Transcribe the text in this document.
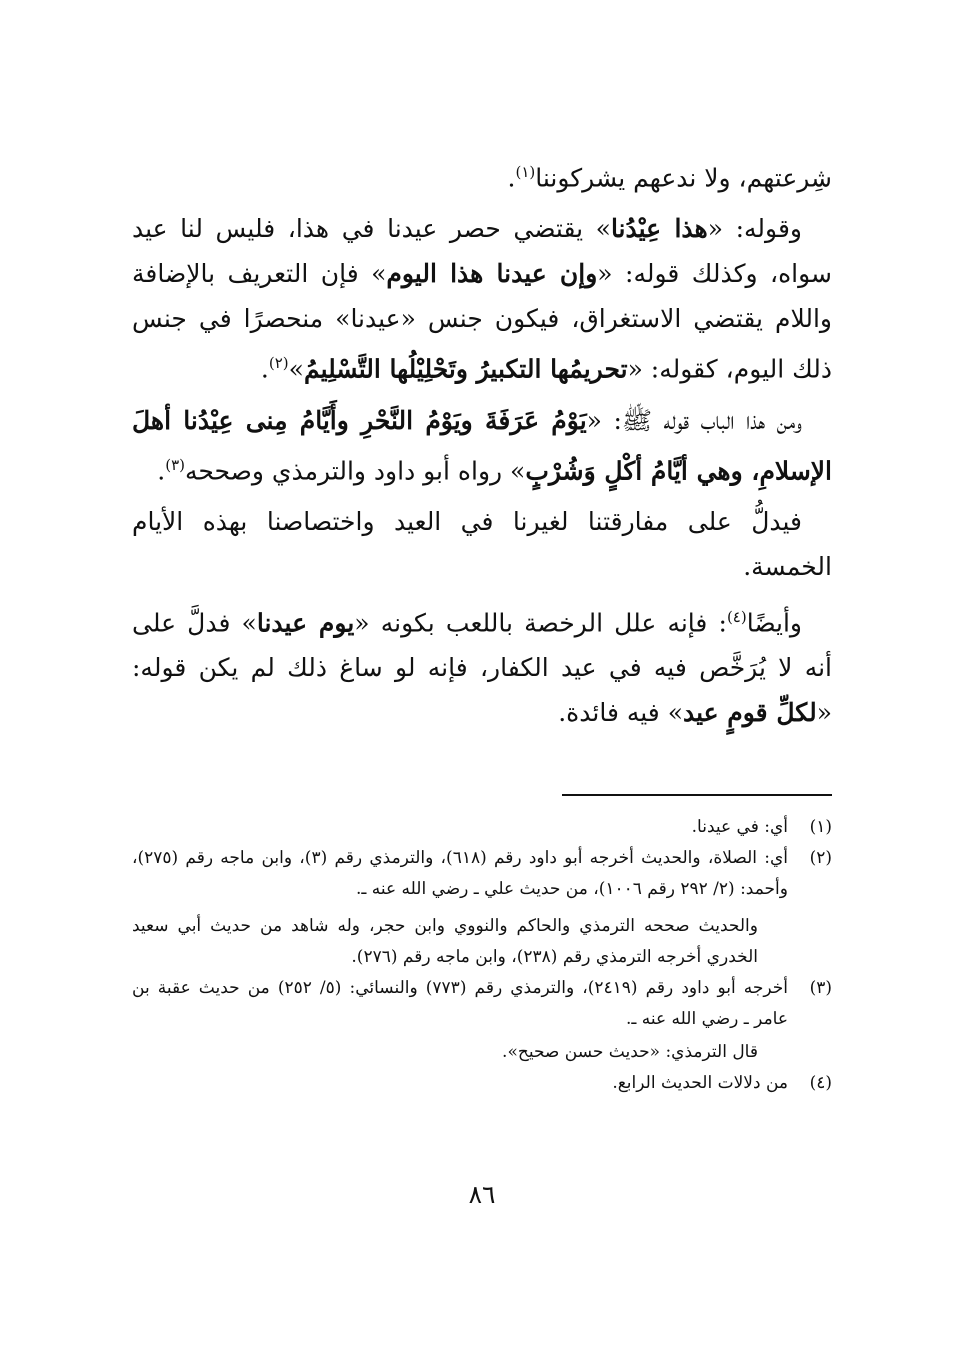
شِرعتهم، ولا ندعهم يشركوننا$^{(١)}$.

وقوله: «هذا عِيْدُنا» يقتضي حصر عيدنا في هذا، فليس لنا عيد سواه، وكذلك قوله: «وإن عيدنا هذا اليوم» فإن التعريف بالإضافة واللام يقتضي الاستغراق، فيكون جنس «عيدنا» منحصرًا في جنس ذلك اليوم، كقوله: «تحريمُها التكبيرُ وتَحْلِيْلُها التَّسْلِيمُ»$^{(٢)}$.

ومن هذا الباب قوله ﷺ: «يَوْمُ عَرَفَةَ ويَوْمُ النَّحْرِ وأَيَّامُ مِنى عِيْدُنا أهلَ الإسلامِ، وهي أيَّامُ أكْلٍ وَشُرْبٍ» رواه أبو داود والترمذي وصححه$^{(٣)}$.

فيدلُّ على مفارقتنا لغيرنا في العيد واختصاصنا بهذه الأيام الخمسة.

وأيضًا$^{(٤)}$: فإنه علل الرخصة باللعب بكونه «يوم عيدنا» فدلَّ على أنه لا يُرَخَّص فيه في عيد الكفار، فإنه لو ساغ ذلك لم يكن قوله: «لكلِّ قومٍ عيد» فيه فائدة.

(١)
أي: في عيدنا.
(٢)
أي: الصلاة، والحديث أخرجه أبو داود رقم (٦١٨)، والترمذي رقم (٣)، وابن ماجه رقم (٢٧٥)، وأحمد: (٢/ ٢٩٢ رقم ١٠٠٦)، من حديث علي ـ رضي الله عنه ـ.
والحديث صححه الترمذي والحاكم والنووي وابن حجر، وله شاهد من حديث أبي سعيد الخدري أخرجه الترمذي رقم (٢٣٨)، وابن ماجه رقم (٢٧٦).
(٣)
أخرجه أبو داود رقم (٢٤١٩)، والترمذي رقم (٧٧٣) والنسائي: (٥/ ٢٥٢) من حديث عقبة بن عامر ـ رضي الله عنه ـ.
قال الترمذي: «حديث حسن صحيح».
(٤)
من دلالات الحديث الرابع.
٨٦
